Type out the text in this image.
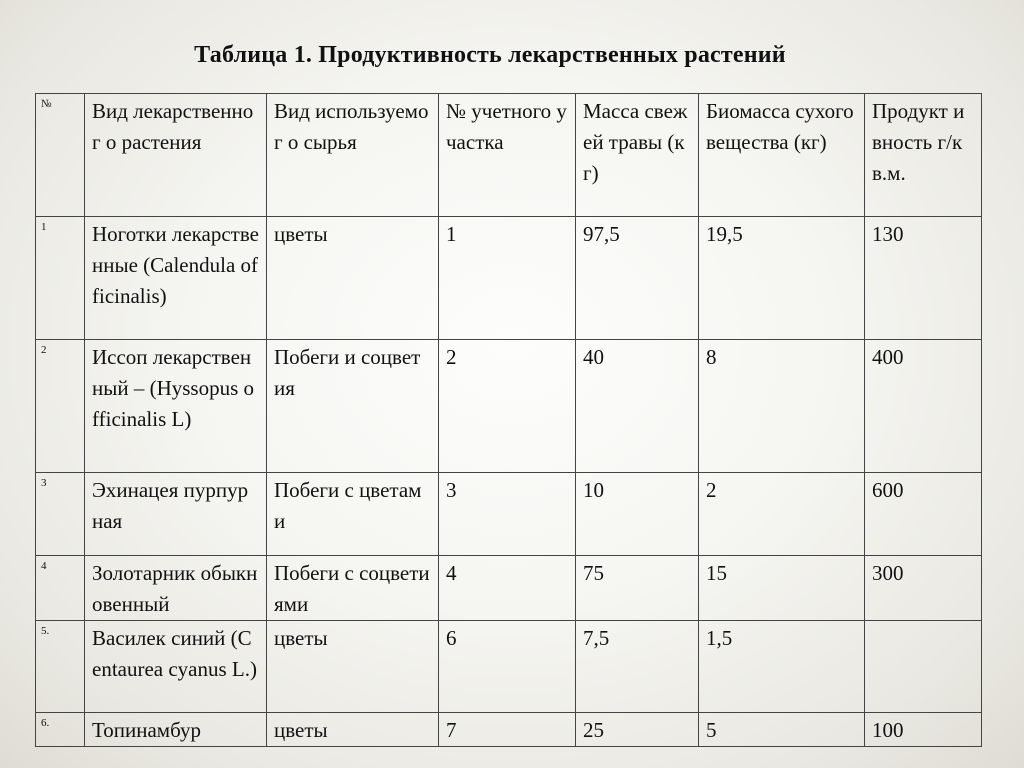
Таблица 1. Продуктивность лекарственных растений
№	Вид лекарственног о растения	Вид используемог о сырья	№ учетного участка	Масса свежей травы (кг)	Биомасса сухого вещества (кг)	Продукт ивность г/кв.м.
1	Ноготки лекарственные (Calendula officinalis)	цветы	1	97,5	19,5	130
2	Иссоп лекарственный – (Hyssopus officinalis L)	Побеги и соцветия	2	40	8	400
3	Эхинацея пурпурная	Побеги с цветами	3	10	2	600
4	Золотарник обыкновенный	Побеги с соцветиями	4	75	15	300
5.	Василек синий (Centaurea cyanus L.)	цветы	6	7,5	1,5	
6.	Топинамбур	цветы	7	25	5	100
